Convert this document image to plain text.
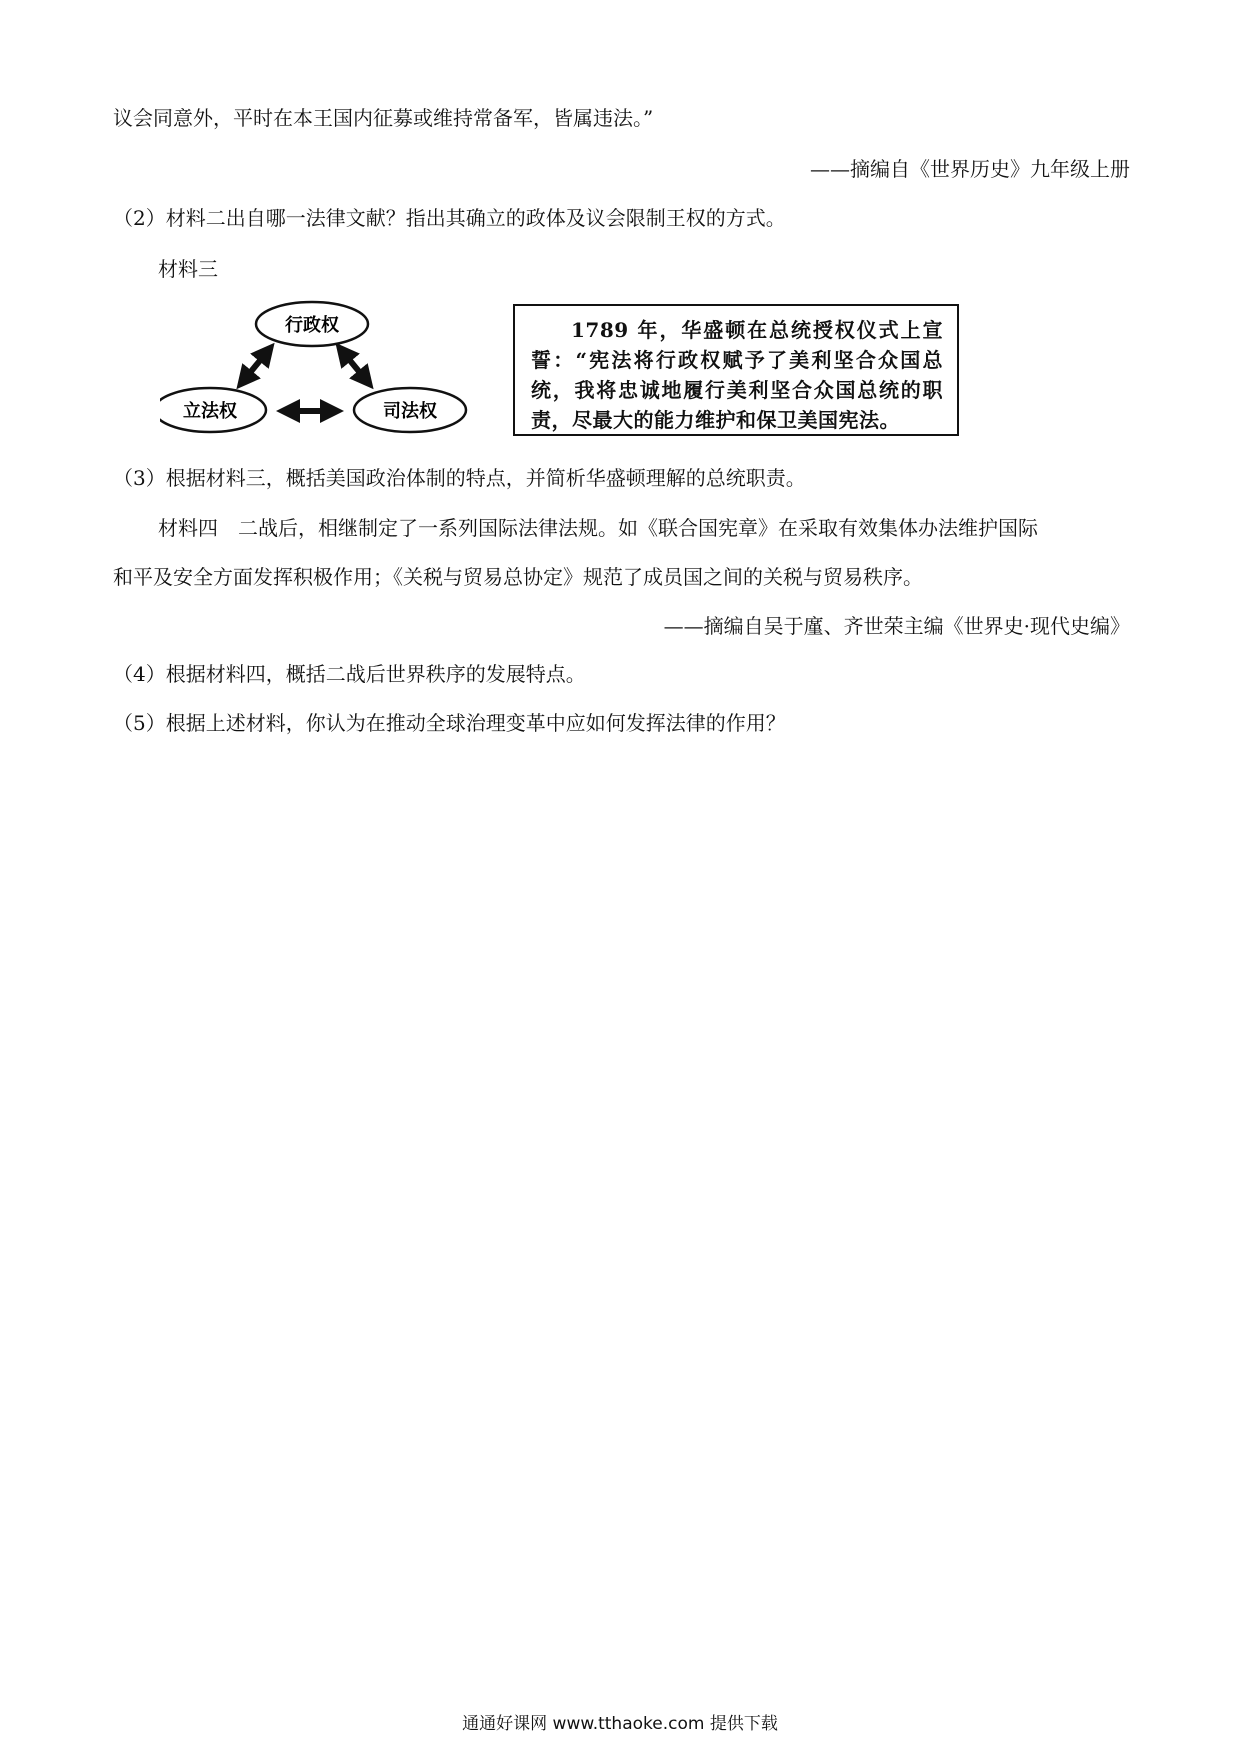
议会同意外，平时在本王国内征募或维持常备军，皆属违法。”
——摘编自《世界历史》九年级上册
（2）材料二出自哪一法律文献？指出其确立的政体及议会限制王权的方式。
材料三
行政权
立法权	司法权
1789 年，华盛顿在总统授权仪式上宣誓：“宪法将行政权赋予了美利坚合众国总统，我将忠诚地履行美利坚合众国总统的职责，尽最大的能力维护和保卫美国宪法。
（3）根据材料三，概括美国政治体制的特点，并简析华盛顿理解的总统职责。
材料四　二战后，相继制定了一系列国际法律法规。如《联合国宪章》在采取有效集体办法维护国际
和平及安全方面发挥积极作用；《关税与贸易总协定》规范了成员国之间的关税与贸易秩序。
——摘编自吴于廑、齐世荣主编《世界史·现代史编》
（4）根据材料四，概括二战后世界秩序的发展特点。
（5）根据上述材料，你认为在推动全球治理变革中应如何发挥法律的作用？
通通好课网 www.tthaoke.com 提供下载
